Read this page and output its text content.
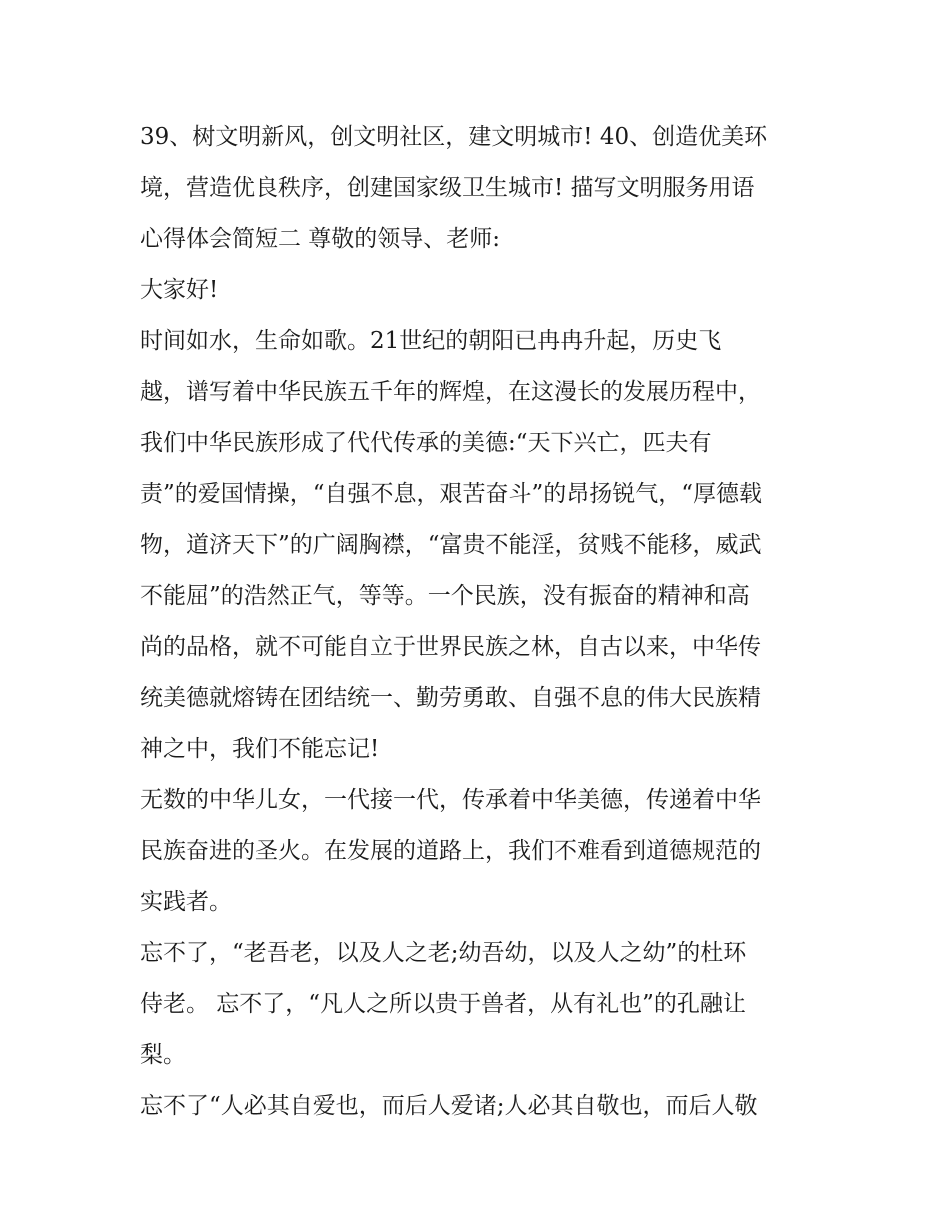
39、树文明新风，创文明社区，建文明城市! 40、创造优美环
境，营造优良秩序，创建国家级卫生城市! 描写文明服务用语
心得体会简短二 尊敬的领导、老师:
大家好!
时间如水，生命如歌。21世纪的朝阳已冉冉升起，历史飞
越，谱写着中华民族五千年的辉煌，在这漫长的发展历程中，
我们中华民族形成了代代传承的美德:“天下兴亡，匹夫有
责”的爱国情操，“自强不息，艰苦奋斗”的昂扬锐气，“厚德载
物，道济天下”的广阔胸襟，“富贵不能淫，贫贱不能移，威武
不能屈”的浩然正气，等等。一个民族，没有振奋的精神和高
尚的品格，就不可能自立于世界民族之林，自古以来，中华传
统美德就熔铸在团结统一、勤劳勇敢、自强不息的伟大民族精
神之中，我们不能忘记!
无数的中华儿女，一代接一代，传承着中华美德，传递着中华
民族奋进的圣火。在发展的道路上，我们不难看到道德规范的
实践者。
忘不了，“老吾老，以及人之老;幼吾幼，以及人之幼”的杜环
侍老。 忘不了，“凡人之所以贵于兽者，从有礼也”的孔融让
梨。
忘不了“人必其自爱也，而后人爱诸;人必其自敬也，而后人敬
